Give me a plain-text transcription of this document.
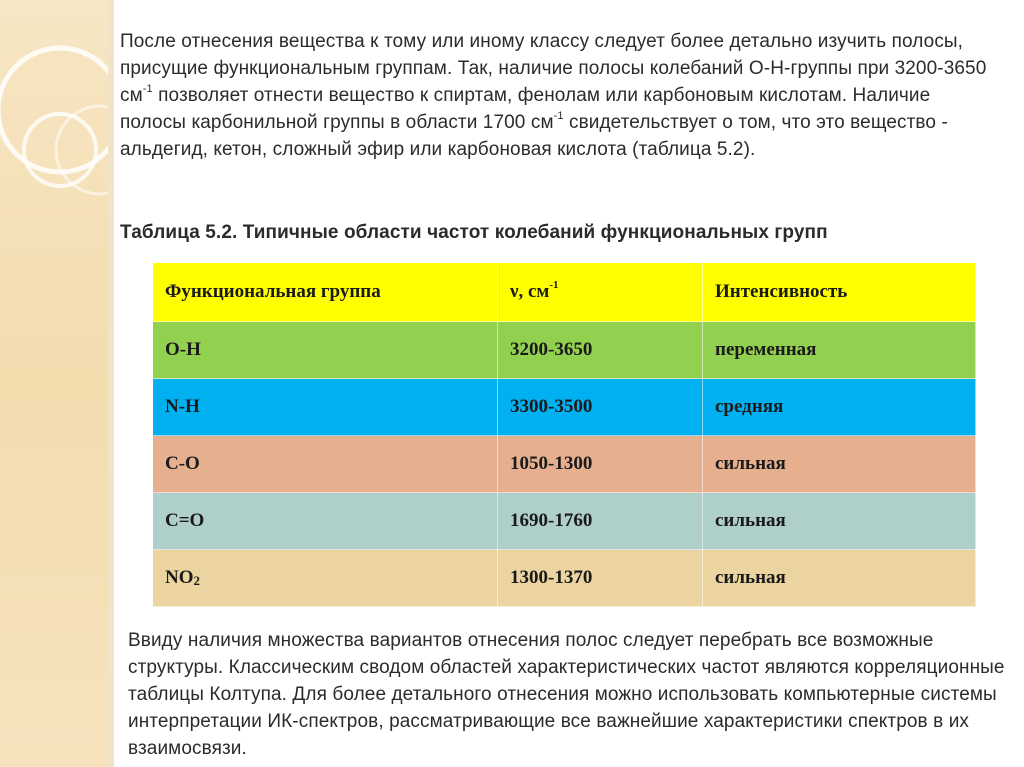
После отнесения вещества к тому или иному классу следует более детально изучить полосы, присущие функциональным группам. Так, наличие полосы колебаний О-Н-группы при 3200-3650 $см^{-1}$ позволяет отнести вещество к спиртам, фенолам или карбоновым кислотам. Наличие полосы карбонильной группы в области 1700 $см^{-1}$ свидетельствует о том, что это вещество - альдегид, кетон, сложный эфир или карбоновая кислота (таблица 5.2).

Таблица 5.2. Типичные области частот колебаний функциональных групп

Функциональная группа	ν, $см^{-1}$	Интенсивность
O-H	3200-3650	переменная
N-H	3300-3500	средняя
C-O	1050-1300	сильная
C=O	1690-1760	сильная
$NO_2$	1300-1370	сильная

Ввиду наличия множества вариантов отнесения полос следует перебрать все возможные структуры. Классическим сводом областей характеристических частот являются корреляционные таблицы Колтупа. Для более детального отнесения можно использовать компьютерные системы интерпретации ИК-спектров, рассматривающие все важнейшие характеристики спектров в их взаимосвязи.
